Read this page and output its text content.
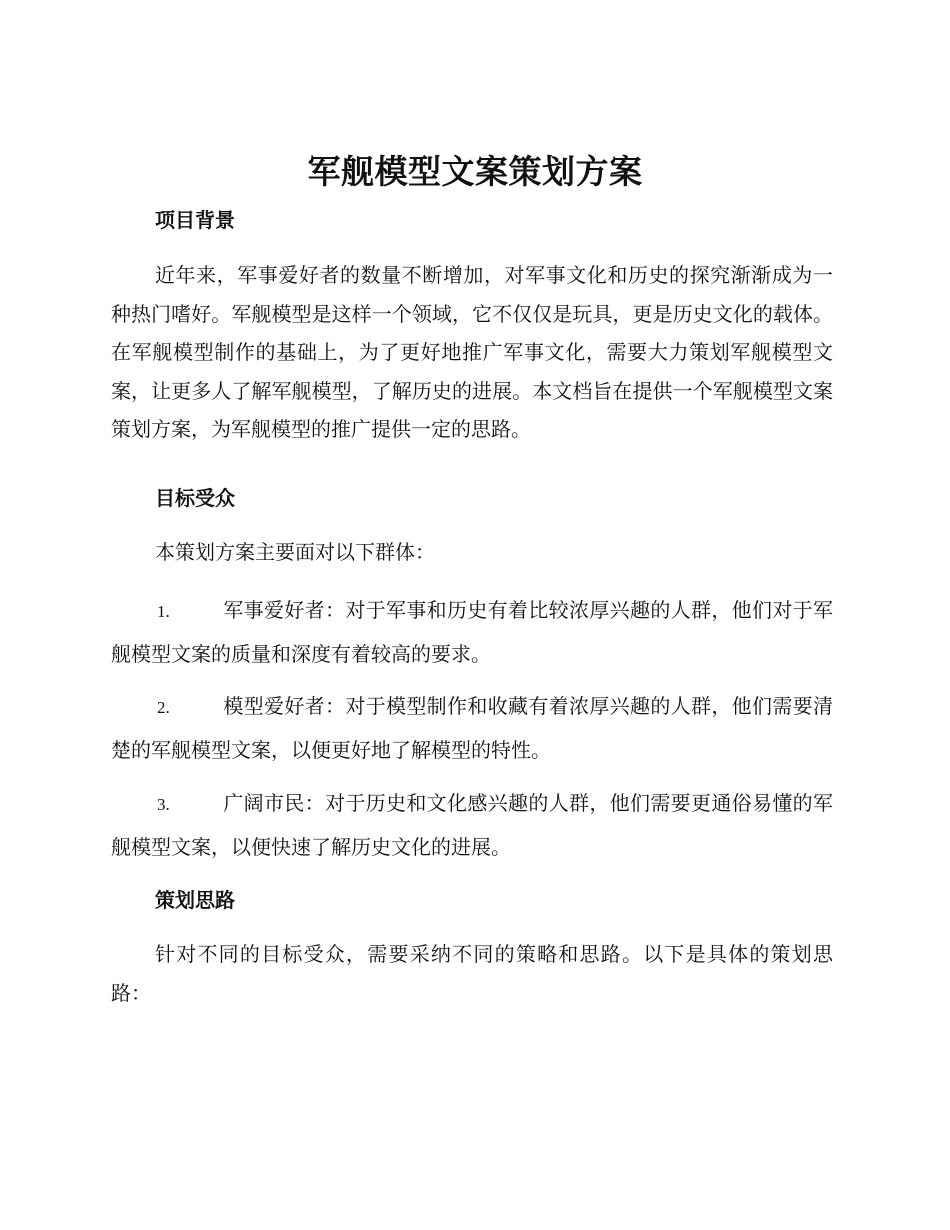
军舰模型文案策划方案
项目背景

近年来，军事爱好者的数量不断增加，对军事文化和历史的探究渐渐成为一种热门嗜好。军舰模型是这样一个领域，它不仅仅是玩具，更是历史文化的载体。在军舰模型制作的基础上，为了更好地推广军事文化，需要大力策划军舰模型文案，让更多人了解军舰模型，了解历史的进展。本文档旨在提供一个军舰模型文案策划方案，为军舰模型的推广提供一定的思路。

目标受众

本策划方案主要面对以下群体：

1.	军事爱好者：对于军事和历史有着比较浓厚兴趣的人群，他们对于军舰模型文案的质量和深度有着较高的要求。

2.	模型爱好者：对于模型制作和收藏有着浓厚兴趣的人群，他们需要清楚的军舰模型文案，以便更好地了解模型的特性。

3.	广阔市民：对于历史和文化感兴趣的人群，他们需要更通俗易懂的军舰模型文案，以便快速了解历史文化的进展。

策划思路

针对不同的目标受众，需要采纳不同的策略和思路。以下是具体的策划思路：
